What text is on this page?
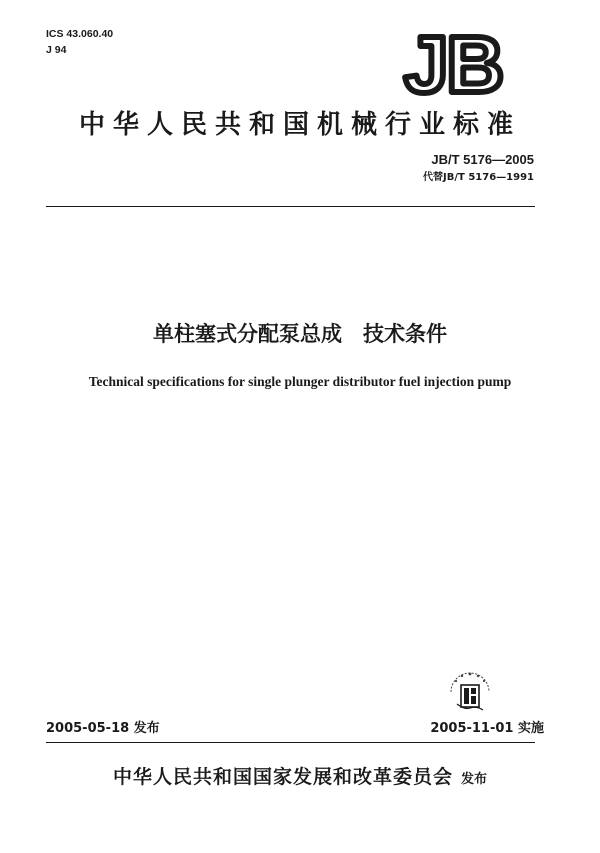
ICS 43.060.40
J 94	JB
中华人民共和国机械行业标准
JB/T 5176—2005
代替JB/T 5176—1991
单柱塞式分配泵总成　技术条件
Technical specifications for single plunger distributor fuel injection pump
2005-05-18 发布	2005-11-01 实施
中华人民共和国国家发展和改革委员会 发布
